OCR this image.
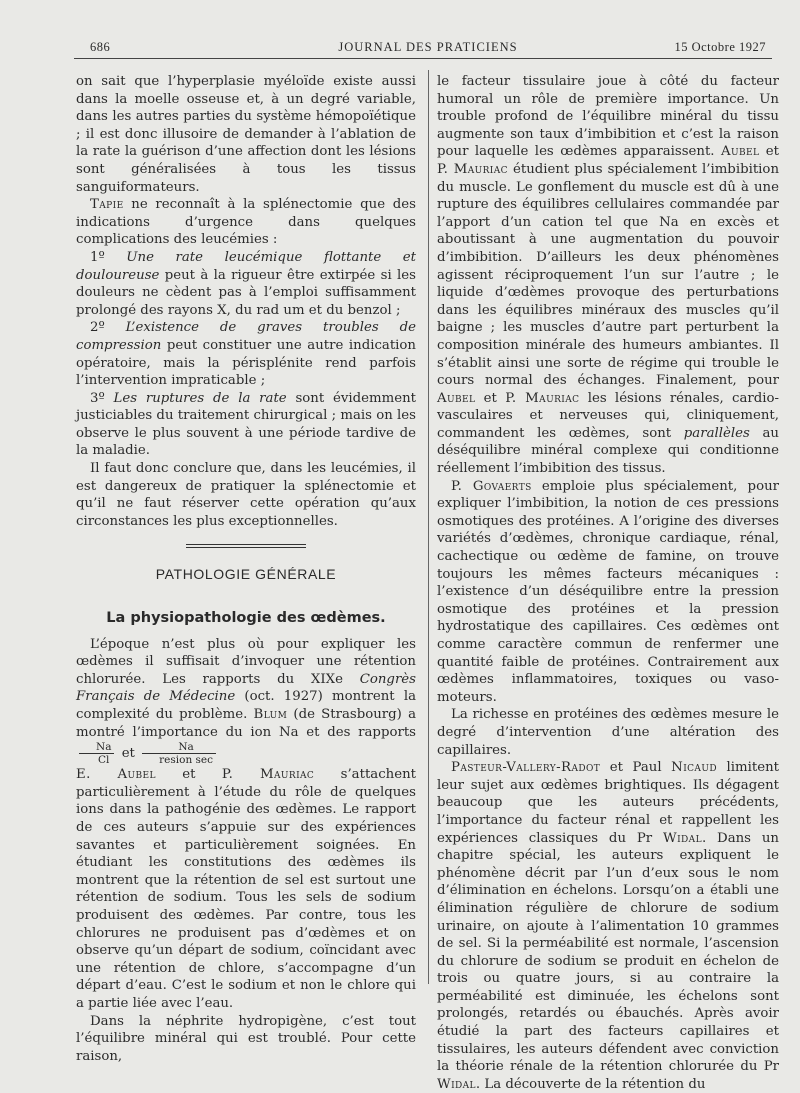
686	JOURNAL DES PRATICIENS	15 Octobre 1927

on sait que l’hyperplasie myéloïde existe aussi dans la moelle osseuse et, à un degré variable, dans les autres parties du système hémopoïétique ; il est donc illusoire de demander à l’ablation de la rate la guérison d’une affection dont les lésions sont généralisées à tous les tissus sanguiformateurs.

Tapie ne reconnaît à la splénectomie que des indications d’urgence dans quelques complications des leucémies :

1º Une rate leucémique flottante et douloureuse peut à la rigueur être extirpée si les douleurs ne cèdent pas à l’emploi suffisamment prolongé des rayons X, du rad um et du benzol ;

2º L’existence de graves troubles de compression peut constituer une autre indication opératoire, mais la périsplénite rend parfois l’intervention impraticable ;

3º Les ruptures de la rate sont évidemment justiciables du traitement chirurgical ; mais on les observe le plus souvent à une période tardive de la maladie.

Il faut donc conclure que, dans les leucémies, il est dangereux de pratiquer la splénectomie et qu’il ne faut réserver cette opération qu’aux circonstances les plus exceptionnelles.

PATHOLOGIE GÉNÉRALE
La physiopathologie des œdèmes.

L’époque n’est plus où pour expliquer les œdèmes il suffisait d’invoquer une rétention chlorurée. Les rapports du XIXe Congrès Français de Médecine (oct. 1927) montrent la complexité du problème. Blum (de Strasbourg) a montré l’importance du ion Na et des rapports
$\frac{Na}{Cl}$ et $\frac{Na}{\text{resion sec}}$

E. Aubel et P. Mauriac s’attachent particulièrement à l’étude du rôle de quelques ions dans la pathogénie des œdèmes. Le rapport de ces auteurs s’appuie sur des expériences savantes et particulièrement soignées. En étudiant les constitutions des œdèmes ils montrent que la rétention de sel est surtout une rétention de sodium. Tous les sels de sodium produisent des œdèmes. Par contre, tous les chlorures ne produisent pas d’œdèmes et on observe qu’un départ de sodium, coïncidant avec une rétention de chlore, s’accompagne d’un départ d’eau. C’est le sodium et non le chlore qui a partie liée avec l’eau.

Dans la néphrite hydropigène, c’est tout l’équilibre minéral qui est troublé. Pour cette raison,

le facteur tissulaire joue à côté du facteur humoral un rôle de première importance. Un trouble profond de l’équilibre minéral du tissu augmente son taux d’imbibition et c’est la raison pour laquelle les œdèmes apparaissent. Aubel et P. Mauriac étudient plus spécialement l’imbibition du muscle. Le gonflement du muscle est dû à une rupture des équilibres cellulaires commandée par l’apport d’un cation tel que Na en excès et aboutissant à une augmentation du pouvoir d’imbibition. D’ailleurs les deux phénomènes agissent réciproquement l’un sur l’autre ; le liquide d’œdèmes provoque des perturbations dans les équilibres minéraux des muscles qu’il baigne ; les muscles d’autre part perturbent la composition minérale des humeurs ambiantes. Il s’établit ainsi une sorte de régime qui trouble le cours normal des échanges. Finalement, pour Aubel et P. Mauriac les lésions rénales, cardio-vasculaires et nerveuses qui, cliniquement, commandent les œdèmes, sont parallèles au déséquilibre minéral complexe qui conditionne réellement l’imbibition des tissus.

P. Govaerts emploie plus spécialement, pour expliquer l’imbibition, la notion de ces pressions osmotiques des protéines. A l’origine des diverses variétés d’œdèmes, chronique cardiaque, rénal, cachectique ou œdème de famine, on trouve toujours les mêmes facteurs mécaniques : l’existence d’un déséquilibre entre la pression osmotique des protéines et la pression hydrostatique des capillaires. Ces œdèmes ont comme caractère commun de renfermer une quantité faible de protéines. Contrairement aux œdèmes inflammatoires, toxiques ou vaso-moteurs.

La richesse en protéines des œdèmes mesure le degré d’intervention d’une altération des capillaires.

Pasteur-Vallery-Radot et Paul Nicaud limitent leur sujet aux œdèmes brightiques. Ils dégagent beaucoup que les auteurs précédents, l’importance du facteur rénal et rappellent les expériences classiques du Pr Widal. Dans un chapitre spécial, les auteurs expliquent le phénomène décrit par l’un d’eux sous le nom d’élimination en échelons. Lorsqu’on a établi une élimination régulière de chlorure de sodium urinaire, on ajoute à l’alimentation 10 grammes de sel. Si la perméabilité est normale, l’ascension du chlorure de sodium se produit en échelon de trois ou quatre jours, si au contraire la perméabilité est diminuée, les échelons sont prolongés, retardés ou ébauchés. Après avoir étudié la part des facteurs capillaires et tissulaires, les auteurs défendent avec conviction la théorie rénale de la rétention chlorurée du Pr Widal. La découverte de la rétention du
